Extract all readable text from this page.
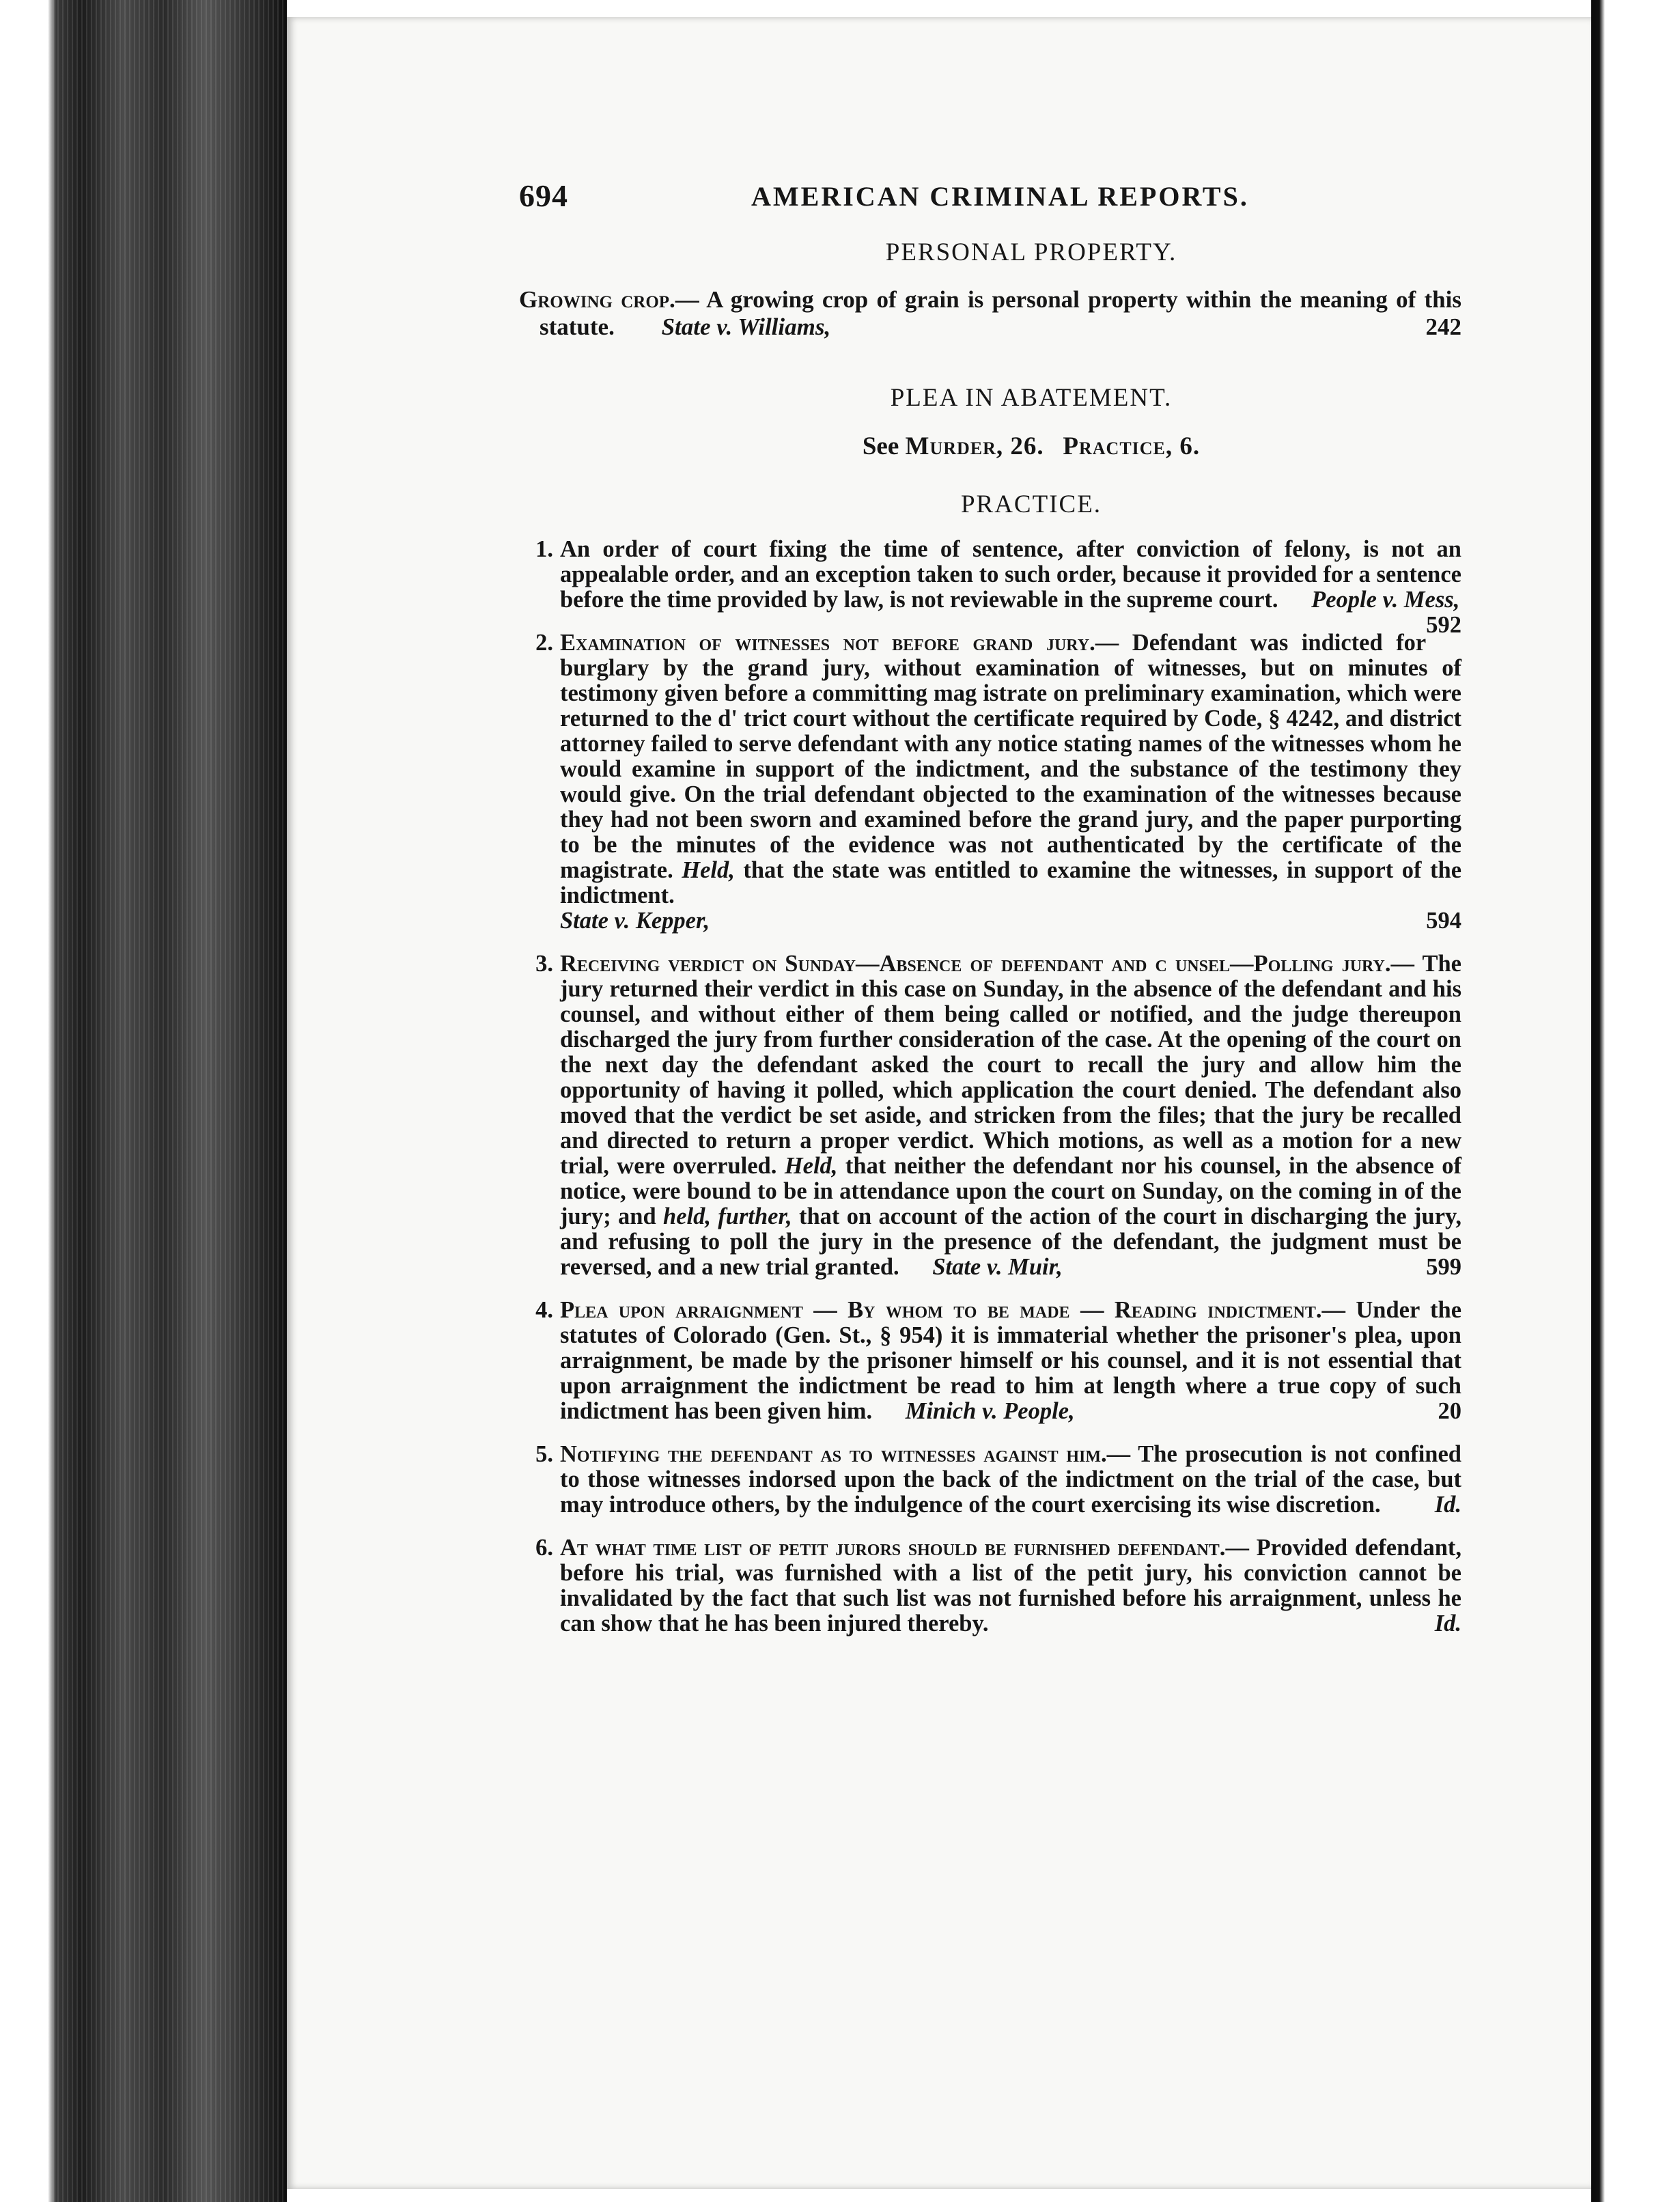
694	AMERICAN CRIMINAL REPORTS.
PERSONAL PROPERTY.
Growing crop.— A growing crop of grain is personal property within the meaning of this statute. State v. Williams,	242
PLEA IN ABATEMENT.

See Murder, 26. Practice, 6.

PRACTICE.
1. An order of court fixing the time of sentence, after conviction of felony, is not an appealable order, and an exception taken to such order, because it provided for a sentence before the time provided by law, is not reviewable in the supreme court. People v. Mess,
592

2. Examination of witnesses not before grand jury.— Defendant was indicted for burglary by the grand jury, without examination of witnesses, but on minutes of testimony given before a committing mag istrate on preliminary examination, which were returned to the d' trict court without the certificate required by Code, § 4242, and district attorney failed to serve defendant with any notice stating names of the witnesses whom he would examine in support of the indictment, and the substance of the testimony they would give. On the trial defendant objected to the examination of the witnesses because they had not been sworn and examined before the grand jury, and the paper purporting to be the minutes of the evidence was not authenticated by the certificate of the magistrate. Held, that the state was entitled to examine the witnesses, in support of the indictment.

State v. Kepper,	594

3. Receiving verdict on Sunday—Absence of defendant and c unsel—Polling jury.— The jury returned their verdict in this case on Sunday, in the absence of the defendant and his counsel, and without either of them being called or notified, and the judge thereupon discharged the jury from further consideration of the case. At the opening of the court on the next day the defendant asked the court to recall the jury and allow him the opportunity of having it polled, which application the court denied. The defendant also moved that the verdict be set aside, and stricken from the files; that the jury be recalled and directed to return a proper verdict. Which motions, as well as a motion for a new trial, were overruled. Held, that neither the defendant nor his counsel, in the absence of notice, were bound to be in attendance upon the court on Sunday, on the coming in of the jury; and held, further, that on account of the action of the court in discharging the jury, and refusing to poll the jury in the presence of the defendant, the judgment must be reversed, and a new trial granted. State v. Muir,	599

4. Plea upon arraignment — By whom to be made — Reading indictment.— Under the statutes of Colorado (Gen. St., § 954) it is immaterial whether the prisoner's plea, upon arraignment, be made by the prisoner himself or his counsel, and it is not essential that upon arraignment the indictment be read to him at length where a true copy of such indictment has been given him. Minich v. People,	20

5. Notifying the defendant as to witnesses against him.— The prosecution is not confined to those witnesses indorsed upon the back of the indictment on the trial of the case, but may introduce others, by the indulgence of the court exercising its wise discretion. Id.

6. At what time list of petit jurors should be furnished defendant.— Provided defendant, before his trial, was furnished with a list of the petit jury, his conviction cannot be invalidated by the fact that such list was not furnished before his arraignment, unless he can show that he has been injured thereby.	Id.
